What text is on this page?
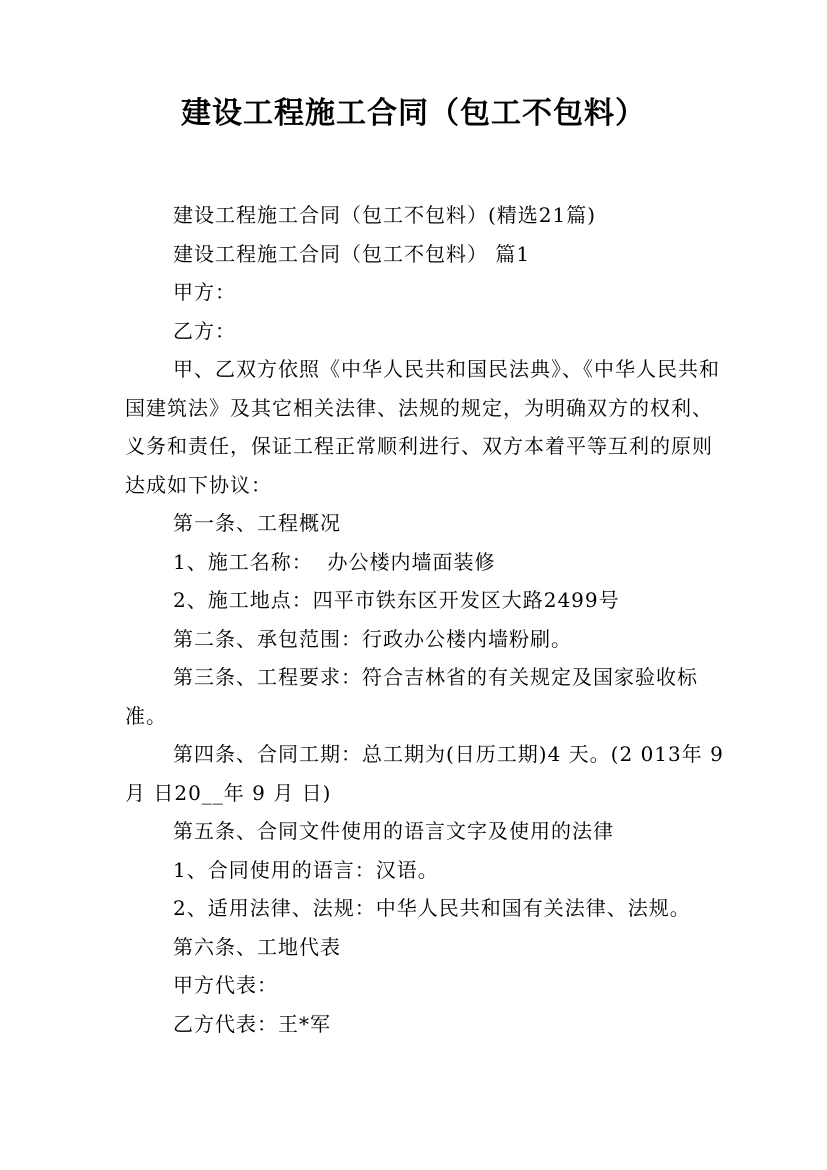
建设工程施工合同（包工不包料）

建设工程施工合同（包工不包料）(精选21篇)

建设工程施工合同（包工不包料） 篇1

甲方：

乙方：

甲、乙双方依照《中华人民共和国民法典》、《中华人民共和国建筑法》及其它相关法律、法规的规定，为明确双方的权利、义务和责任，保证工程正常顺利进行、双方本着平等互利的原则达成如下协议：

第一条、工程概况

1、施工名称：  办公楼内墙面装修

2、施工地点：四平市铁东区开发区大路2499号

第二条、承包范围：行政办公楼内墙粉刷。

第三条、工程要求：符合吉林省的有关规定及国家验收标准。

第四条、合同工期：总工期为(日历工期)4 天。(2 013年 9月 日20__年 9 月 日)

第五条、合同文件使用的语言文字及使用的法律

1、合同使用的语言：汉语。

2、适用法律、法规：中华人民共和国有关法律、法规。

第六条、工地代表

甲方代表：

乙方代表：王*军
